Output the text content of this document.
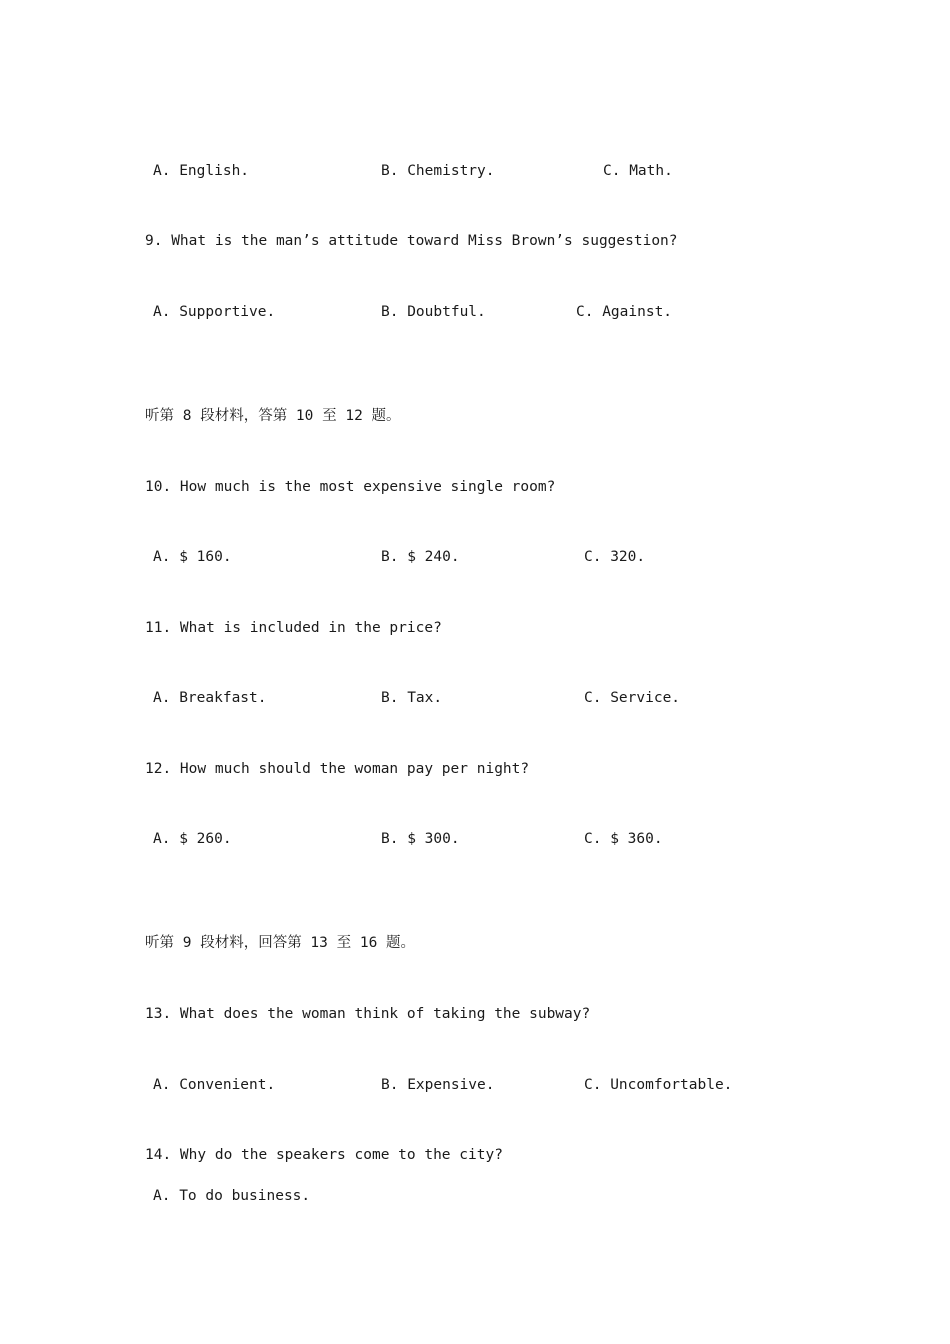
A. English.	B. Chemistry.	C. Math.
9. What is the man’s attitude toward Miss Brown’s suggestion?
A. Supportive.	B. Doubtful.	C. Against.
听第 8 段材料，答第 10 至 12 题。
10. How much is the most expensive single room?
A. $ 160.	B. $ 240.	C. 320.
11. What is included in the price?
A. Breakfast.	B. Tax.	C. Service.
12. How much should the woman pay per night?
A. $ 260.	B. $ 300.	C. $ 360.
听第 9 段材料，回答第 13 至 16 题。
13. What does the woman think of taking the subway?
A. Convenient.	B. Expensive.	C. Uncomfortable.
14. Why do the speakers come to the city?
A. To do business.
